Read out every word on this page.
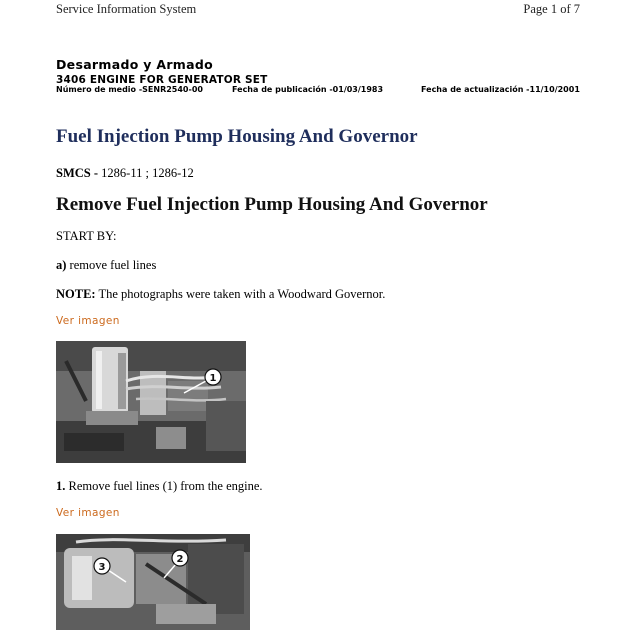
Service Information System	Page 1 of 7
Desarmado y Armado
3406 ENGINE FOR GENERATOR SET
Número de medio -SENR2540-00	Fecha de publicación -01/03/1983	Fecha de actualización -11/10/2001
Fuel Injection Pump Housing And Governor
SMCS - 1286-11 ; 1286-12
Remove Fuel Injection Pump Housing And Governor
START BY:
a) remove fuel lines
NOTE: The photographs were taken with a Woodward Governor.
Ver imagen
1
1. Remove fuel lines (1) from the engine.
Ver imagen
3
2
